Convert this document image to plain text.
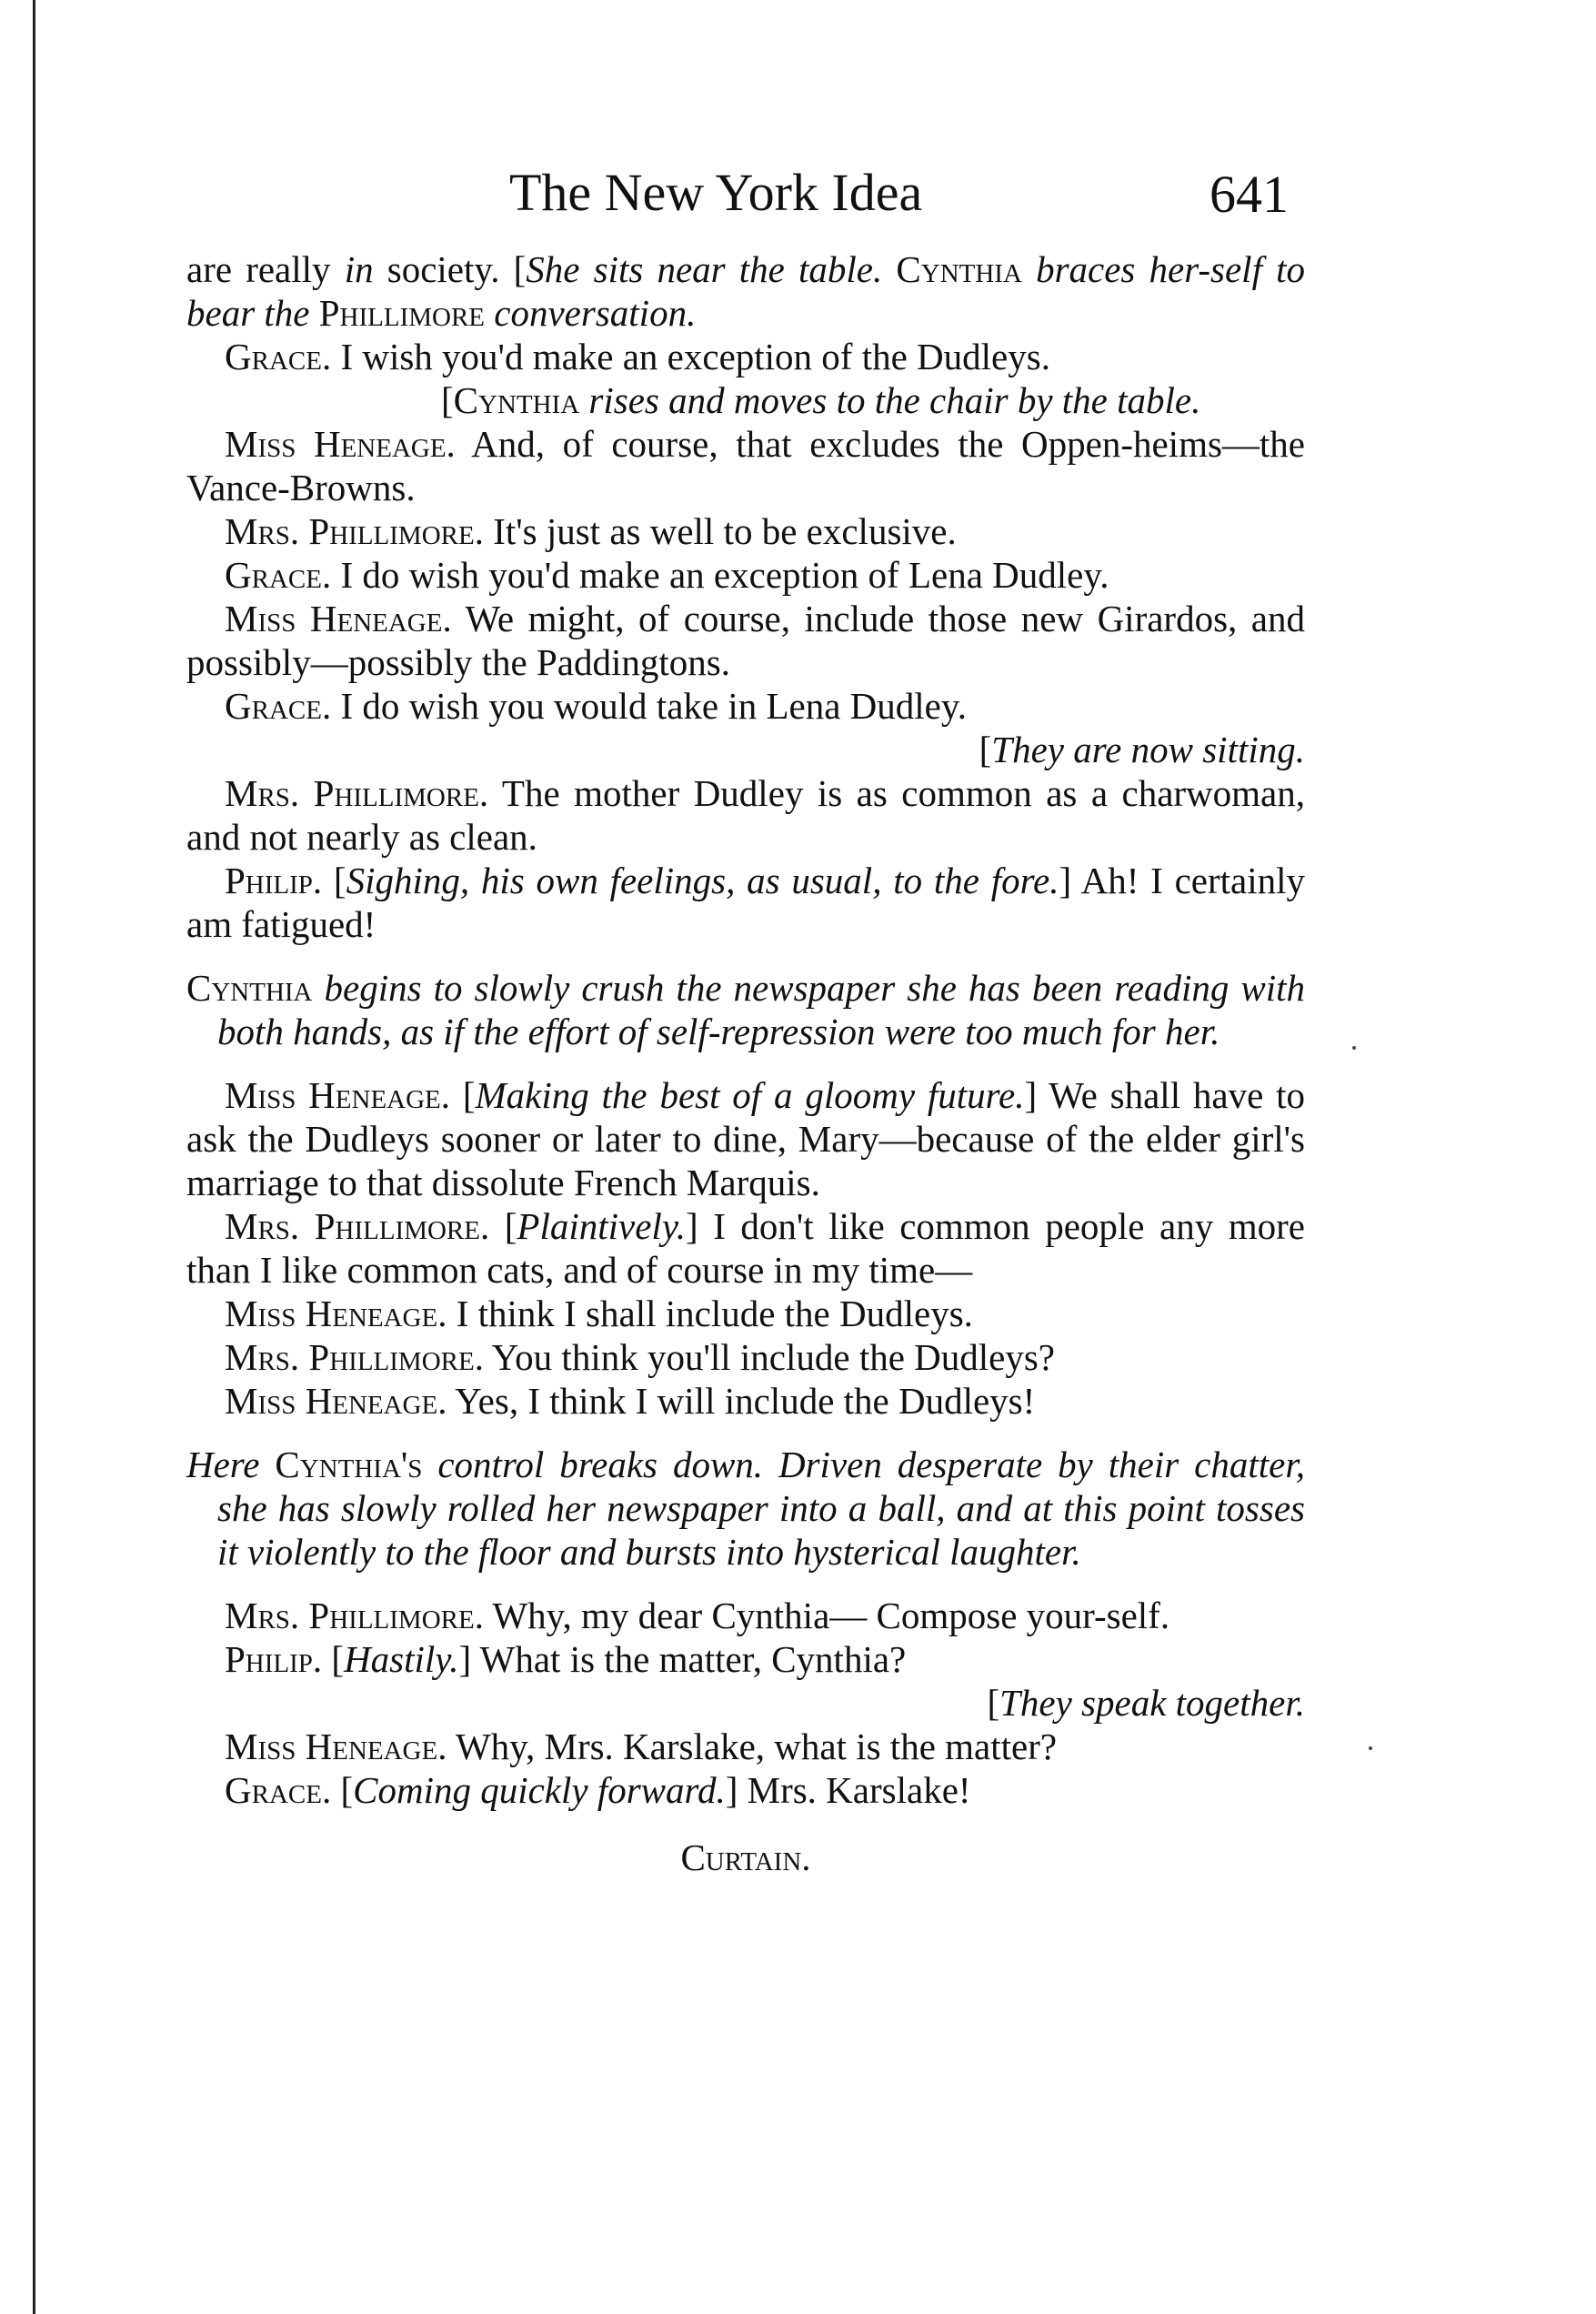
The New York Idea	641

are really in society. [She sits near the table. Cynthia braces her-self to bear the Phillimore conversation.

Grace. I wish you'd make an exception of the Dudleys.

[Cynthia rises and moves to the chair by the table.

Miss Heneage. And, of course, that excludes the Oppen-heims—the Vance-Browns.

Mrs. Phillimore. It's just as well to be exclusive.

Grace. I do wish you'd make an exception of Lena Dudley.

Miss Heneage. We might, of course, include those new Girardos, and possibly—possibly the Paddingtons.

Grace. I do wish you would take in Lena Dudley.

[They are now sitting.

Mrs. Phillimore. The mother Dudley is as common as a charwoman, and not nearly as clean.

Philip. [Sighing, his own feelings, as usual, to the fore.] Ah! I certainly am fatigued!

Cynthia begins to slowly crush the newspaper she has been reading with both hands, as if the effort of self-repression were too much for her.

Miss Heneage. [Making the best of a gloomy future.] We shall have to ask the Dudleys sooner or later to dine, Mary—because of the elder girl's marriage to that dissolute French Marquis.

Mrs. Phillimore. [Plaintively.] I don't like common people any more than I like common cats, and of course in my time—

Miss Heneage. I think I shall include the Dudleys.

Mrs. Phillimore. You think you'll include the Dudleys?

Miss Heneage. Yes, I think I will include the Dudleys!

Here Cynthia's control breaks down. Driven desperate by their chatter, she has slowly rolled her newspaper into a ball, and at this point tosses it violently to the floor and bursts into hysterical laughter.

Mrs. Phillimore. Why, my dear Cynthia— Compose your-self.

Philip. [Hastily.] What is the matter, Cynthia?

[They speak together.

Miss Heneage. Why, Mrs. Karslake, what is the matter?

Grace. [Coming quickly forward.] Mrs. Karslake!

Curtain.
